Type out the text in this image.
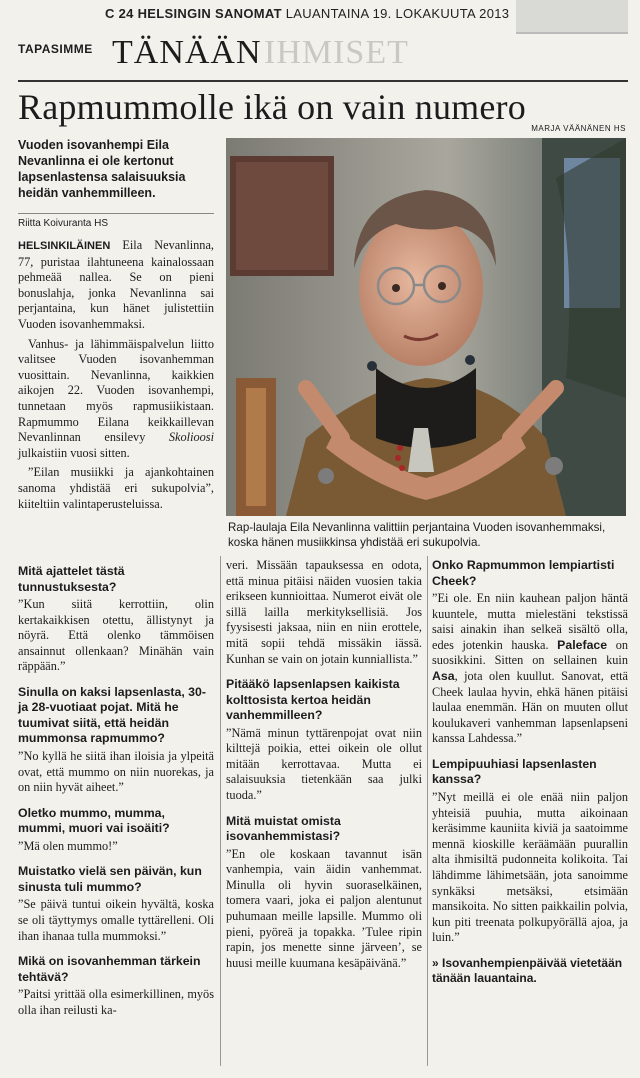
C 24 HELSINGIN SANOMAT LAUANTAINA 19. LOKAKUUTA 2013
TAPASIMME TÄNÄÄN IHMISET
Rapmummolle ikä on vain numero
MARJA VÄÄNÄNEN HS
Vuoden isovanhempi Eila Nevanlinna ei ole kertonut lapsenlastensa salaisuuksia heidän vanhemmilleen.
Riitta Koivuranta HS

HELSINKILÄINEN Eila Nevanlinna, 77, puristaa ilahtuneena kainalossaan pehmeää nallea. Se on pieni bonuslahja, jonka Nevanlinna sai perjantaina, kun hänet julistettiin Vuoden isovanhemmaksi.

Vanhus- ja lähimmäispalvelun liitto valitsee Vuoden isovanhemman vuosittain. Nevanlinna, kaikkien aikojen 22. Vuoden isovanhempi, tunnetaan myös rapmusiikistaan. Rapmummo Eilana keikkaillevan Nevanlinnan ensilevy Skolioosi julkaistiin vuosi sitten.

”Eilan musiikki ja ajankohtainen sanoma yhdistää eri sukupolvia”, kiiteltiin valintaperusteluissa.

Rap-laulaja Eila Nevanlinna valittiin perjantaina Vuoden isovanhemmaksi, koska hänen musiikkinsa yhdistää eri sukupolvia.
Mitä ajattelet tästä tunnustuksesta?

”Kun siitä kerrottiin, olin kertakaikkisen otettu, ällistynyt ja nöyrä. Että olenko tämmöisen ansainnut ollenkaan? Minähän vain räppään.”

Sinulla on kaksi lapsenlasta, 30- ja 28-vuotiaat pojat. Mitä he tuumivat siitä, että heidän mummonsa rapmummo?

”No kyllä he siitä ihan iloisia ja ylpeitä ovat, että mummo on niin nuorekas, ja on niin hyvät aiheet.”

Oletko mummo, mumma, mummi, muori vai isoäiti?

”Mä olen mummo!”

Muistatko vielä sen päivän, kun sinusta tuli mummo?

”Se päivä tuntui oikein hyvältä, koska se oli täyttymys omalle tyttärelleni. Oli ihan ihanaa tulla mummoksi.”

Mikä on isovanhemman tärkein tehtävä?

”Paitsi yrittää olla esimerkillinen, myös olla ihan reilusti ka-

veri. Missään tapauksessa en odota, että minua pitäisi näiden vuosien takia erikseen kunnioittaa. Numerot eivät ole sillä lailla merkityksellisiä. Jos fyysisesti jaksaa, niin en niin erottele, mitä sopii tehdä missäkin iässä. Kunhan se vain on jotain kunniallista.”

Pitääkö lapsenlapsen kaikista kolttosista kertoa heidän vanhemmilleen?

”Nämä minun tyttärenpojat ovat niin kilttejä poikia, ettei oikein ole ollut mitään kerrottavaa. Mutta ei salaisuuksia tietenkään saa julki tuoda.”

Mitä muistat omista isovanhemmistasi?

”En ole koskaan tavannut isän vanhempia, vain äidin vanhemmat. Minulla oli hyvin suoraselkäinen, tomera vaari, joka ei paljon alentunut puhumaan meille lapsille. Mummo oli pieni, pyöreä ja topakka. ’Tulee ripin rapin, jos menette sinne järveen’, se huusi meille kuumana kesäpäivänä.”

Onko Rapmummon lempiartisti Cheek?

”Ei ole. En niin kauhean paljon häntä kuuntele, mutta mielestäni tekstissä saisi ainakin ihan selkeä sisältö olla, edes jotenkin hauska. Paleface on suosikkini. Sitten on sellainen kuin Asa, jota olen kuullut. Sanovat, että Cheek laulaa hyvin, ehkä hänen pitäisi laulaa enemmän. Hän on muuten ollut koulukaveri vanhemman lapsenlapseni kanssa Lahdessa.”

Lempipuuhiasi lapsenlasten kanssa?

”Nyt meillä ei ole enää niin paljon yhteisiä puuhia, mutta aikoinaan keräsimme kauniita kiviä ja saatoimme mennä kioskille keräämään puurallin alta ihmisiltä pudonneita kolikoita. Tai lähdimme lähimetsään, jota sanoimme synkäksi metsäksi, etsimään mansikoita. No sitten paikkailin polvia, kun piti treenata polkupyörällä ajoa, ja luin.”

» Isovanhempienpäivää vietetään tänään lauantaina.
